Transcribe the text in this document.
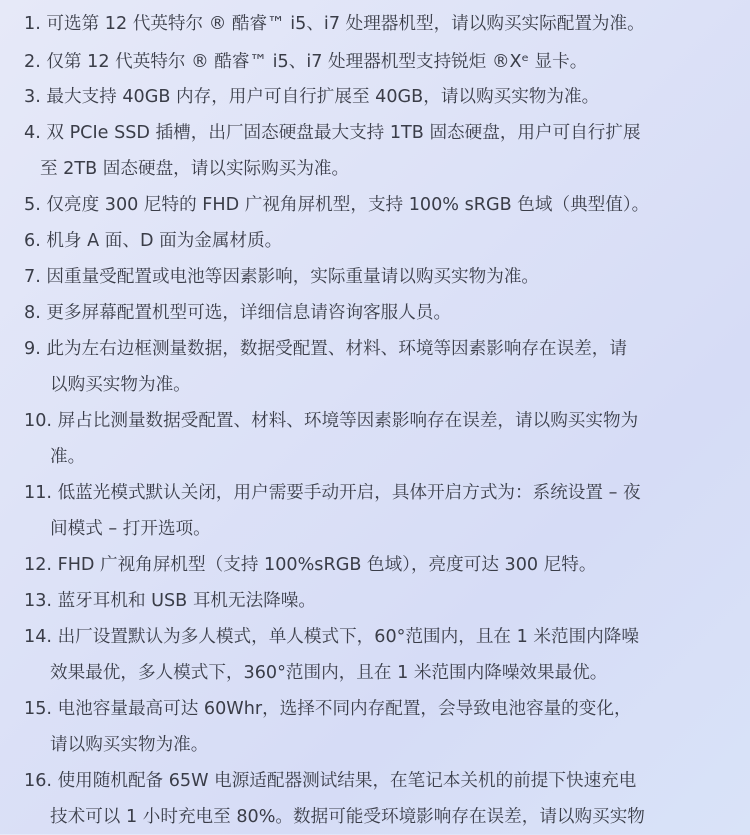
1. 可选第 12 代英特尔 ® 酷睿™ i5、i7 处理器机型，请以购买实际配置为准。
2. 仅第 12 代英特尔 ® 酷睿™ i5、i7 处理器机型支持锐炬 ®Xᵉ 显卡。
3. 最大支持 40GB 内存，用户可自行扩展至 40GB，请以购买实物为准。
4. 双 PCIe SSD 插槽，出厂固态硬盘最大支持 1TB 固态硬盘，用户可自行扩展
至 2TB 固态硬盘，请以实际购买为准。
5. 仅亮度 300 尼特的 FHD 广视角屏机型，支持 100% sRGB 色域（典型值）。
6. 机身 A 面、D 面为金属材质。
7. 因重量受配置或电池等因素影响，实际重量请以购买实物为准。
8. 更多屏幕配置机型可选，详细信息请咨询客服人员。
9. 此为左右边框测量数据，数据受配置、材料、环境等因素影响存在误差，请
以购买实物为准。
10. 屏占比测量数据受配置、材料、环境等因素影响存在误差，请以购买实物为
准。
11. 低蓝光模式默认关闭，用户需要手动开启，具体开启方式为：系统设置 – 夜
间模式 – 打开选项。
12. FHD 广视角屏机型（支持 100%sRGB 色域），亮度可达 300 尼特。
13. 蓝牙耳机和 USB 耳机无法降噪。
14. 出厂设置默认为多人模式，单人模式下，60°范围内，且在 1 米范围内降噪
效果最优，多人模式下，360°范围内，且在 1 米范围内降噪效果最优。
15. 电池容量最高可达 60Whr，选择不同内存配置，会导致电池容量的变化，
请以购买实物为准。
16. 使用随机配备 65W 电源适配器测试结果，在笔记本关机的前提下快速充电
技术可以 1 小时充电至 80%。数据可能受环境影响存在误差，请以购买实物
